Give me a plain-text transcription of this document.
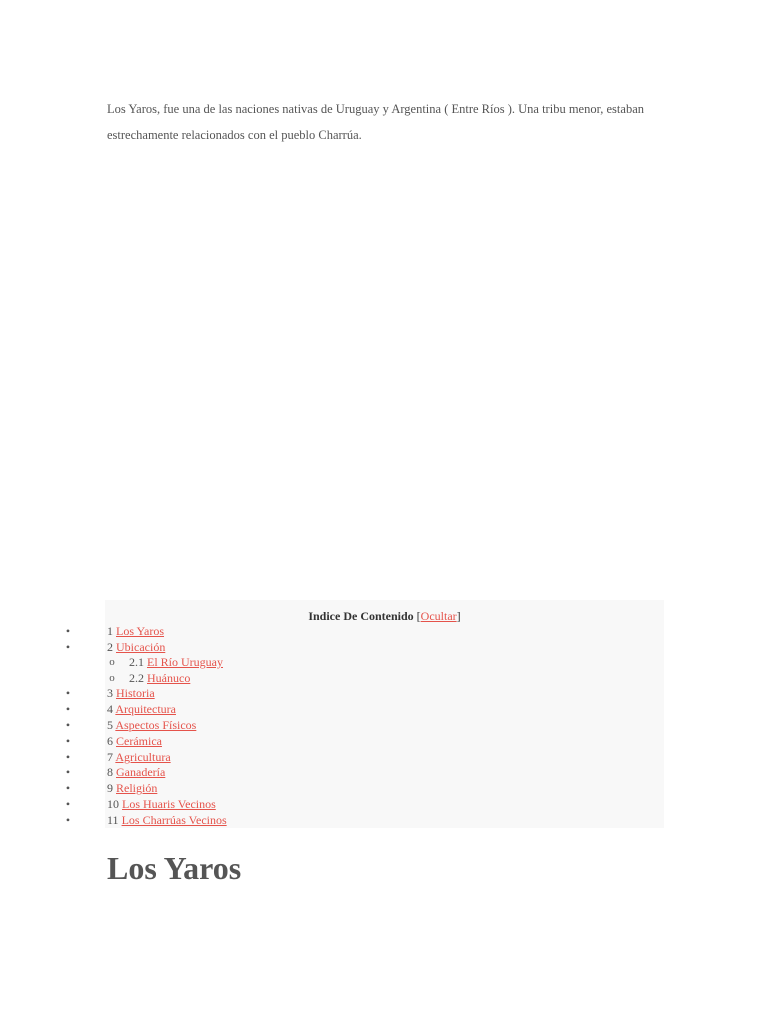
Los Yaros, fue una de las naciones nativas de Uruguay y Argentina ( Entre Ríos ). Una tribu menor, estaban estrechamente relacionados con el pueblo Charrúa.

Indice De Contenido [Ocultar]
•	1 Los Yaros
•	2 Ubicación
o 2.1 El Río Uruguay
o 2.2 Huánuco
•	3 Historia
•	4 Arquitectura
•	5 Aspectos Físicos
•	6 Cerámica
•	7 Agricultura
•	8 Ganadería
•	9 Religión
•	10 Los Huaris Vecinos
•	11 Los Charrúas Vecinos
Los Yaros
